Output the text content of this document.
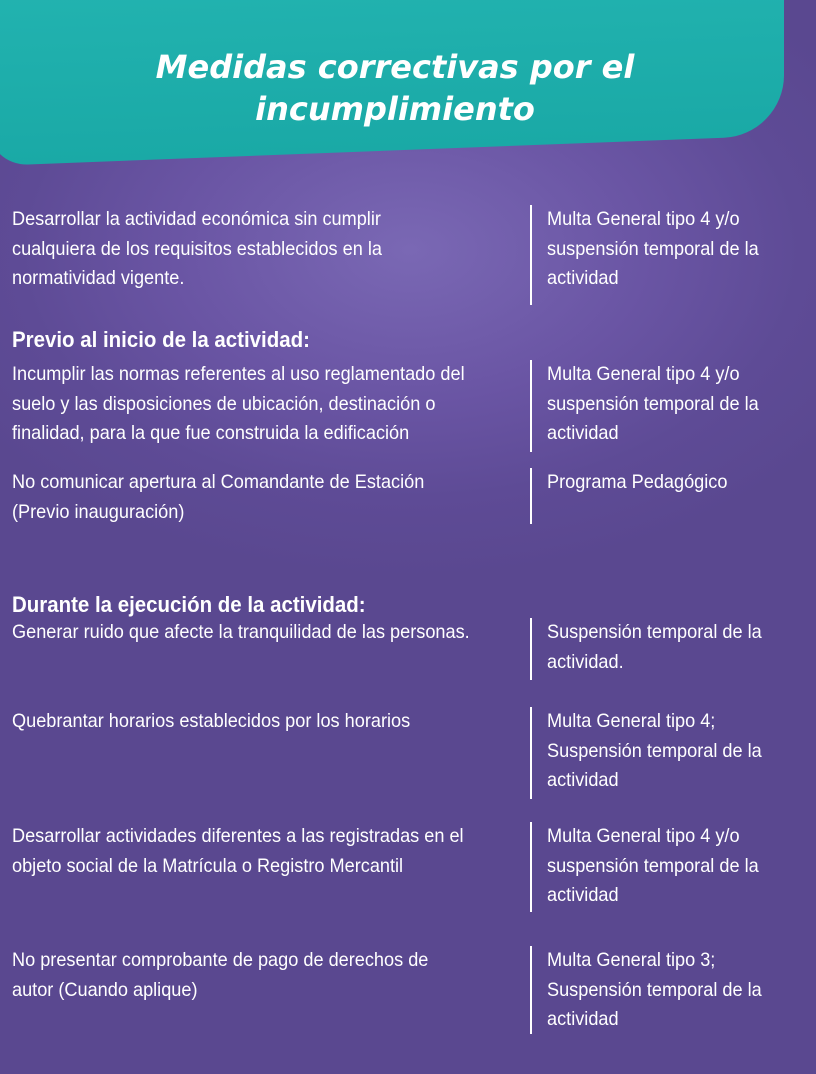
Medidas correctivas por el
incumplimiento
Desarrollar la actividad económica sin cumplir
cualquiera de los requisitos establecidos en la
normatividad vigente.
Multa General tipo 4 y/o
suspensión temporal de la
actividad
Previo al inicio de la actividad:
Incumplir las normas referentes al uso reglamentado del
suelo y las disposiciones de ubicación, destinación o
finalidad, para la que fue construida la edificación
Multa General tipo 4 y/o
suspensión temporal de la
actividad
No comunicar apertura al Comandante de Estación
(Previo inauguración)
Programa Pedagógico
Durante la ejecución de la actividad:
Generar ruido que afecte la tranquilidad de las personas.	Suspensión temporal de la
actividad.
Quebrantar horarios establecidos por los horarios	Multa General tipo 4;
Suspensión temporal de la
actividad
Desarrollar actividades diferentes a las registradas en el
objeto social de la Matrícula o Registro Mercantil
Multa General tipo 4 y/o
suspensión temporal de la
actividad
No presentar comprobante de pago de derechos de
autor (Cuando aplique)
Multa General tipo 3;
Suspensión temporal de la
actividad
